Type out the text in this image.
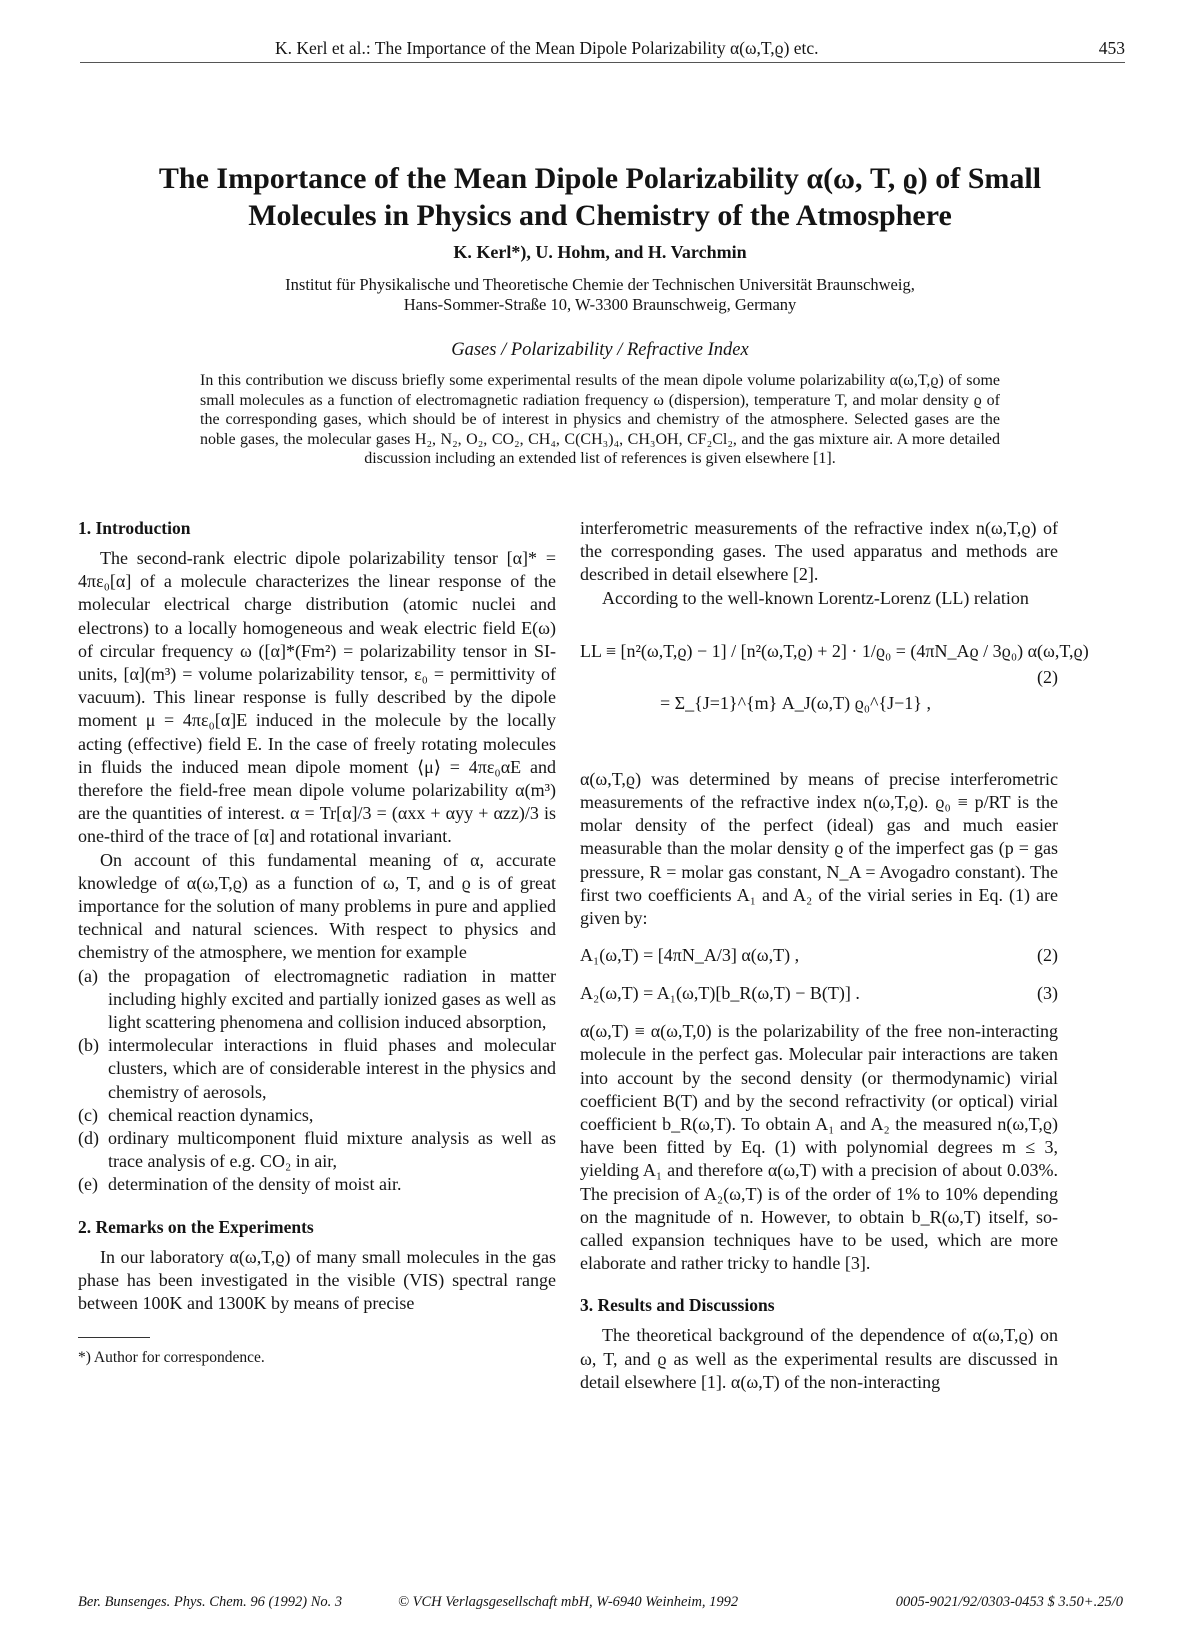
K. Kerl et al.: The Importance of the Mean Dipole Polarizability α(ω,T,ϱ) etc.	453
The Importance of the Mean Dipole Polarizability α(ω, T, ϱ) of Small
Molecules in Physics and Chemistry of the Atmosphere
K. Kerl*), U. Hohm, and H. Varchmin
Institut für Physikalische und Theoretische Chemie der Technischen Universität Braunschweig,
Hans-Sommer-Straße 10, W-3300 Braunschweig, Germany
Gases / Polarizability / Refractive Index
In this contribution we discuss briefly some experimental results of the mean dipole volume polarizability α(ω,T,ϱ) of some small molecules as a function of electromagnetic radiation frequency ω (dispersion), temperature T, and molar density ϱ of the corresponding gases, which should be of interest in physics and chemistry of the atmosphere. Selected gases are the noble gases, the molecular gases H₂, N₂, O₂, CO₂, CH₄, C(CH₃)₄, CH₃OH, CF₂Cl₂, and the gas mixture air. A more detailed discussion including an extended list of references is given elsewhere [1].
1. Introduction

The second-rank electric dipole polarizability tensor [α]* = 4πε₀[α] of a molecule characterizes the linear response of the molecular electrical charge distribution (atomic nuclei and electrons) to a locally homogeneous and weak electric field E(ω) of circular frequency ω ([α]*(Fm²) = polarizability tensor in SI-units, [α](m³) = volume polarizability tensor, ε₀ = permittivity of vacuum). This linear response is fully described by the dipole moment μ = 4πε₀[α]E induced in the molecule by the locally acting (effective) field E. In the case of freely rotating molecules in fluids the induced mean dipole moment ⟨μ⟩ = 4πε₀αE and therefore the field-free mean dipole volume polarizability α(m³) are the quantities of interest. α = Tr[α]/3 = (αxx + αyy + αzz)/3 is one-third of the trace of [α] and rotational invariant.

On account of this fundamental meaning of α, accurate knowledge of α(ω,T,ϱ) as a function of ω, T, and ϱ is of great importance for the solution of many problems in pure and applied technical and natural sciences. With respect to physics and chemistry of the atmosphere, we mention for example

(a) the propagation of electromagnetic radiation in matter including highly excited and partially ionized gases as well as light scattering phenomena and collision induced absorption,
(b) intermolecular interactions in fluid phases and molecular clusters, which are of considerable interest in the physics and chemistry of aerosols,
(c) chemical reaction dynamics,
(d) ordinary multicomponent fluid mixture analysis as well as trace analysis of e.g. CO₂ in air,
(e) determination of the density of moist air.
2. Remarks on the Experiments

In our laboratory α(ω,T,ϱ) of many small molecules in the gas phase has been investigated in the visible (VIS) spectral range between 100K and 1300K by means of precise

*) Author for correspondence.

interferometric measurements of the refractive index n(ω,T,ϱ) of the corresponding gases. The used apparatus and methods are described in detail elsewhere [2].

According to the well-known Lorentz-Lorenz (LL) relation

LL ≡ [n²(ω,T,ϱ) − 1] / [n²(ω,T,ϱ) + 2] · 1/ϱ₀ = (4πN_Aϱ / 3ϱ₀) α(ω,T,ϱ)
= Σ_{J=1}^{m} A_J(ω,T) ϱ₀^{J−1} ,
(2)

α(ω,T,ϱ) was determined by means of precise interferometric measurements of the refractive index n(ω,T,ϱ). ϱ₀ ≡ p/RT is the molar density of the perfect (ideal) gas and much easier measurable than the molar density ϱ of the imperfect gas (p = gas pressure, R = molar gas constant, N_A = Avogadro constant). The first two coefficients A₁ and A₂ of the virial series in Eq. (1) are given by:

A₁(ω,T) = [4πN_A/3] α(ω,T) ,	(2)
A₂(ω,T) = A₁(ω,T)[b_R(ω,T) − B(T)] .	(3)

α(ω,T) ≡ α(ω,T,0) is the polarizability of the free non-interacting molecule in the perfect gas. Molecular pair interactions are taken into account by the second density (or thermodynamic) virial coefficient B(T) and by the second refractivity (or optical) virial coefficient b_R(ω,T). To obtain A₁ and A₂ the measured n(ω,T,ϱ) have been fitted by Eq. (1) with polynomial degrees m ≤ 3, yielding A₁ and therefore α(ω,T) with a precision of about 0.03%. The precision of A₂(ω,T) is of the order of 1% to 10% depending on the magnitude of n. However, to obtain b_R(ω,T) itself, so-called expansion techniques have to be used, which are more elaborate and rather tricky to handle [3].

3. Results and Discussions

The theoretical background of the dependence of α(ω,T,ϱ) on ω, T, and ϱ as well as the experimental results are discussed in detail elsewhere [1]. α(ω,T) of the non-interacting

Ber. Bunsenges. Phys. Chem. 96 (1992) No. 3	© VCH Verlagsgesellschaft mbH, W-6940 Weinheim, 1992	0005-9021/92/0303-0453 $ 3.50+.25/0
